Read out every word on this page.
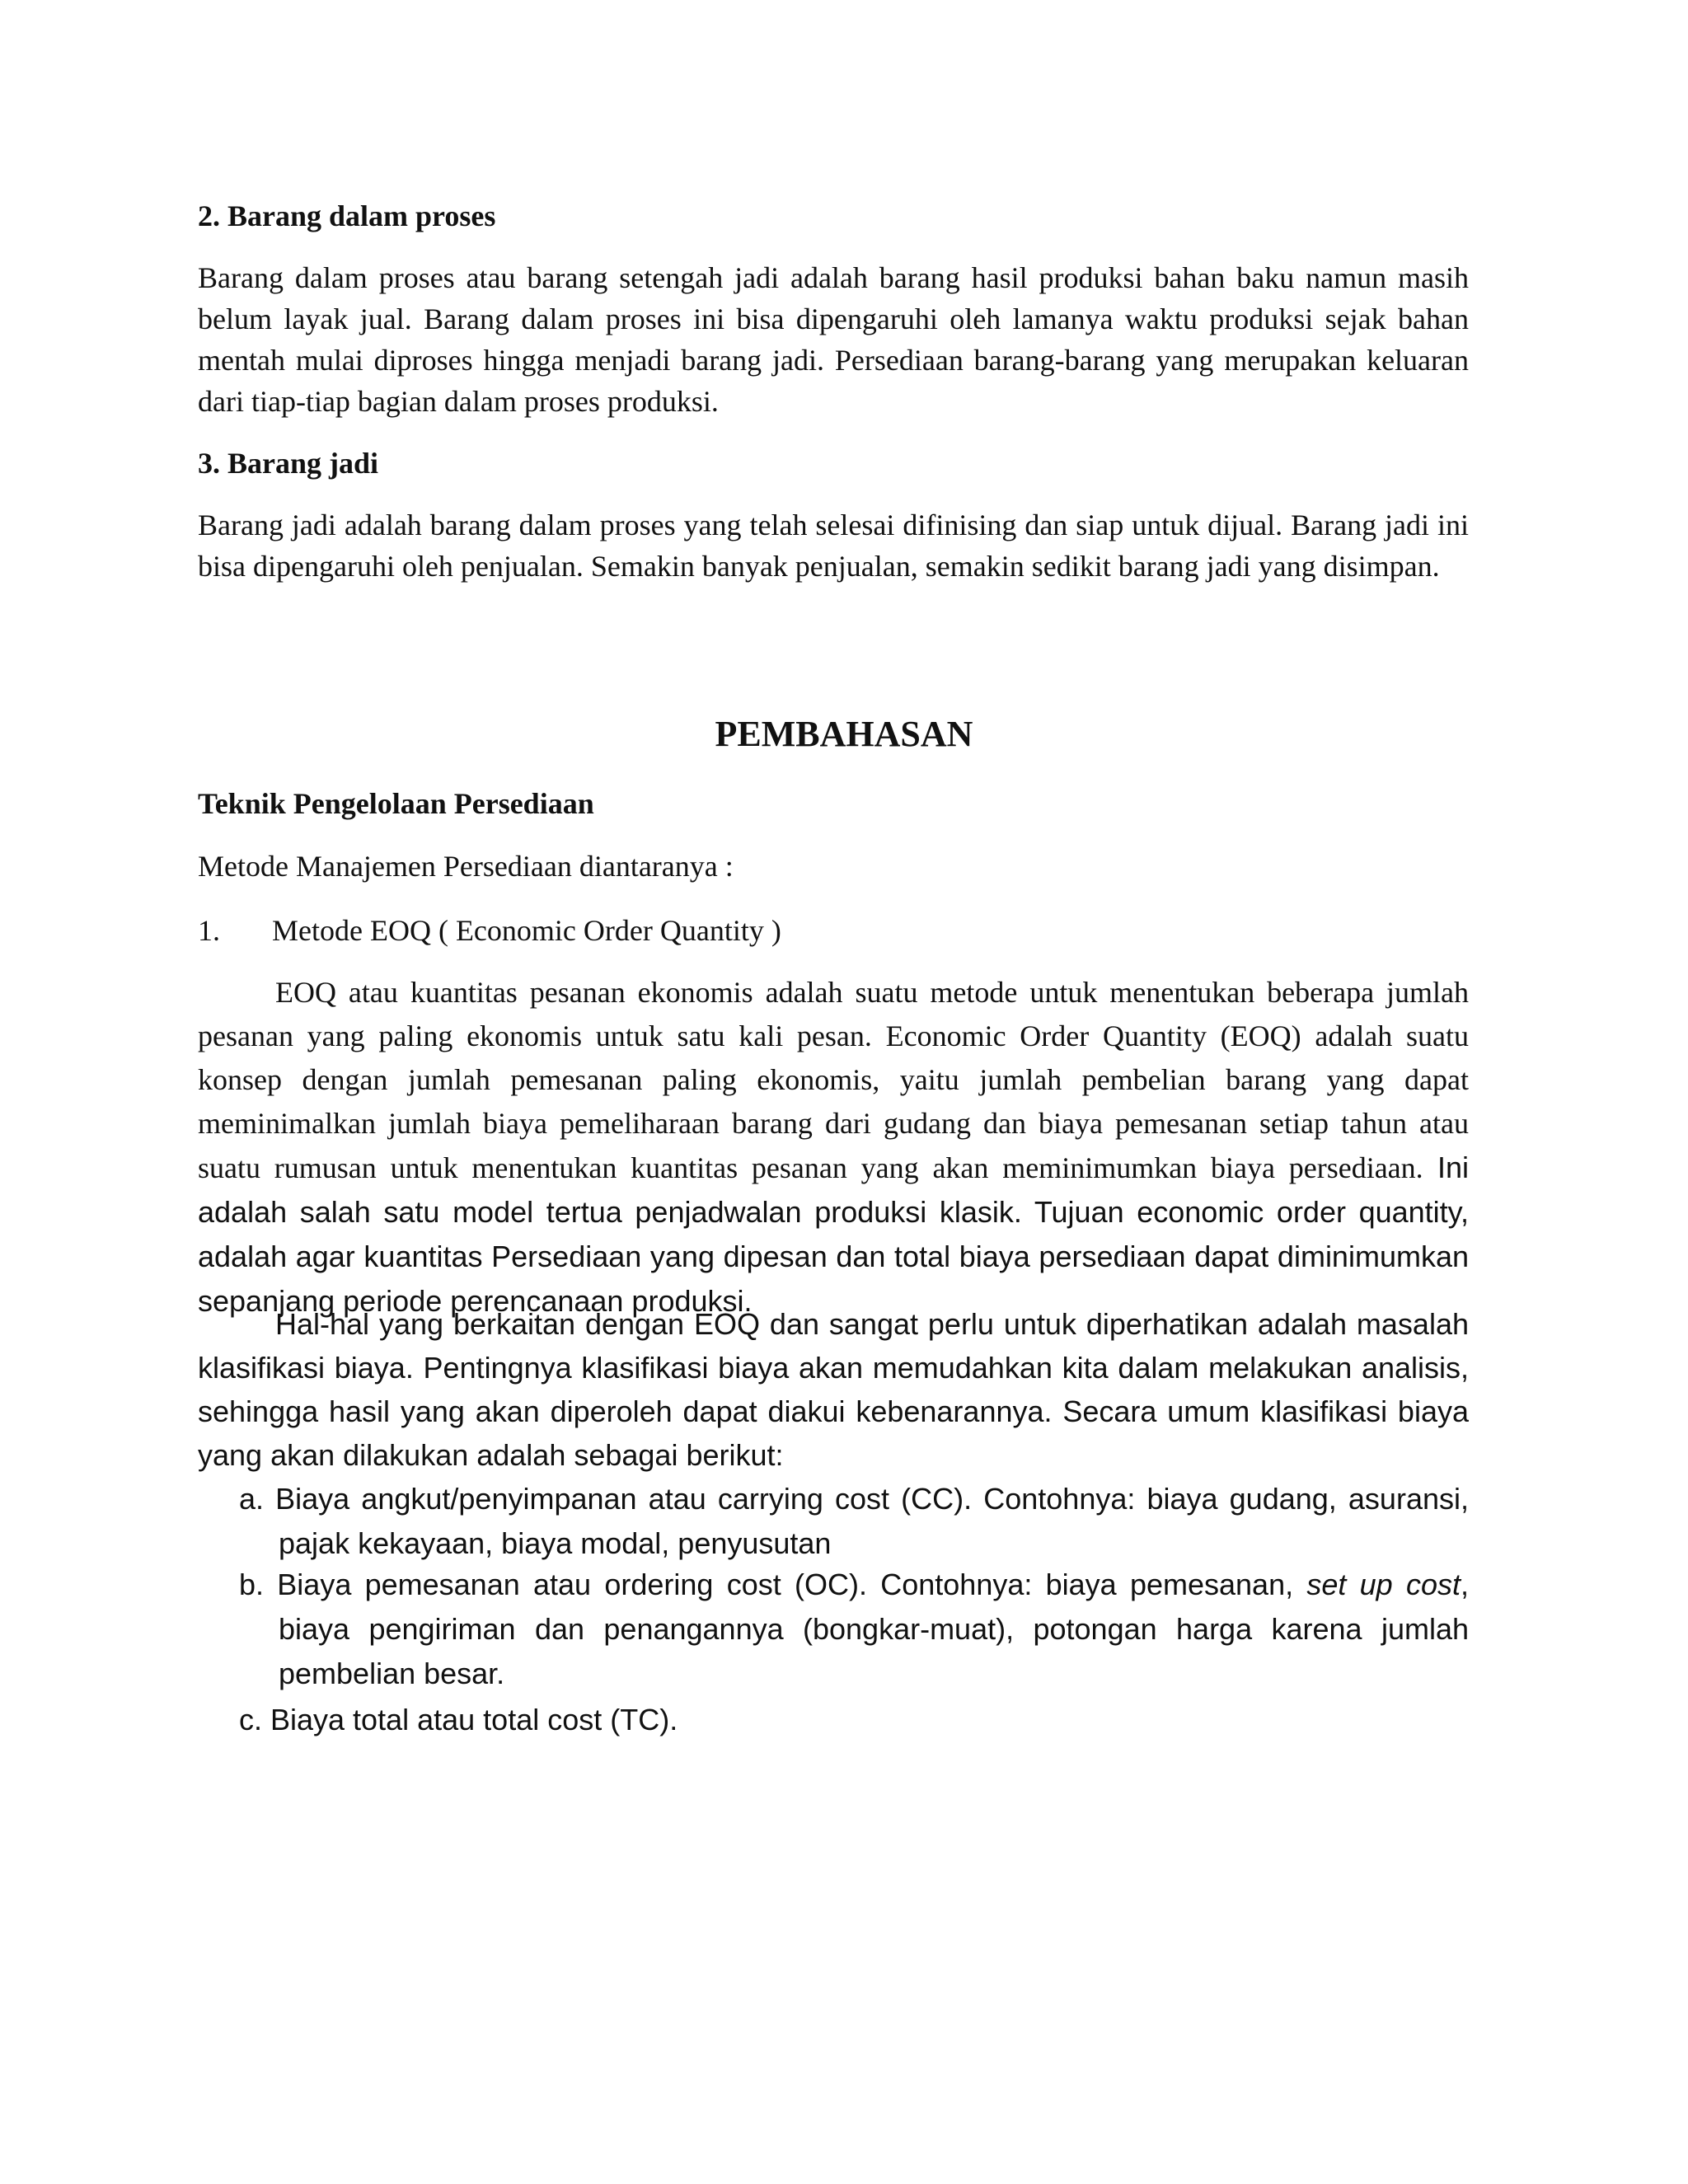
2. Barang dalam proses

Barang dalam proses atau barang setengah jadi adalah barang hasil produksi bahan baku namun masih belum layak jual. Barang dalam proses ini bisa dipengaruhi oleh lamanya waktu produksi sejak bahan mentah mulai diproses hingga menjadi barang jadi. Persediaan barang-barang yang merupakan keluaran dari tiap-tiap bagian dalam proses produksi.

3. Barang jadi

Barang jadi adalah barang dalam proses yang telah selesai difinising dan siap untuk dijual. Barang jadi ini bisa dipengaruhi oleh penjualan. Semakin banyak penjualan, semakin sedikit barang jadi yang disimpan.

PEMBAHASAN
Teknik Pengelolaan Persediaan

Metode Manajemen Persediaan diantaranya :

1. Metode EOQ ( Economic Order Quantity )
EOQ atau kuantitas pesanan ekonomis adalah suatu metode untuk menentukan beberapa jumlah pesanan yang paling ekonomis untuk satu kali pesan. Economic Order Quantity (EOQ) adalah suatu konsep dengan jumlah pemesanan paling ekonomis, yaitu jumlah pembelian barang yang dapat meminimalkan jumlah biaya pemeliharaan barang dari gudang dan biaya pemesanan setiap tahun atau suatu rumusan untuk menentukan kuantitas pesanan yang akan meminimumkan biaya persediaan. Ini adalah salah satu model tertua penjadwalan produksi klasik. Tujuan economic order quantity, adalah agar kuantitas Persediaan yang dipesan dan total biaya persediaan dapat diminimumkan sepanjang periode perencanaan produksi.

Hal-hal yang berkaitan dengan EOQ dan sangat perlu untuk diperhatikan adalah masalah klasifikasi biaya. Pentingnya klasifikasi biaya akan memudahkan kita dalam melakukan analisis, sehingga hasil yang akan diperoleh dapat diakui kebenarannya. Secara umum klasifikasi biaya yang akan dilakukan adalah sebagai berikut:

a. Biaya angkut/penyimpanan atau carrying cost (CC). Contohnya: biaya gudang, asuransi, pajak kekayaan, biaya modal, penyusutan

b. Biaya pemesanan atau ordering cost (OC). Contohnya: biaya pemesanan, set up cost, biaya pengiriman dan penangannya (bongkar-muat), potongan harga karena jumlah pembelian besar.

c. Biaya total atau total cost (TC).
